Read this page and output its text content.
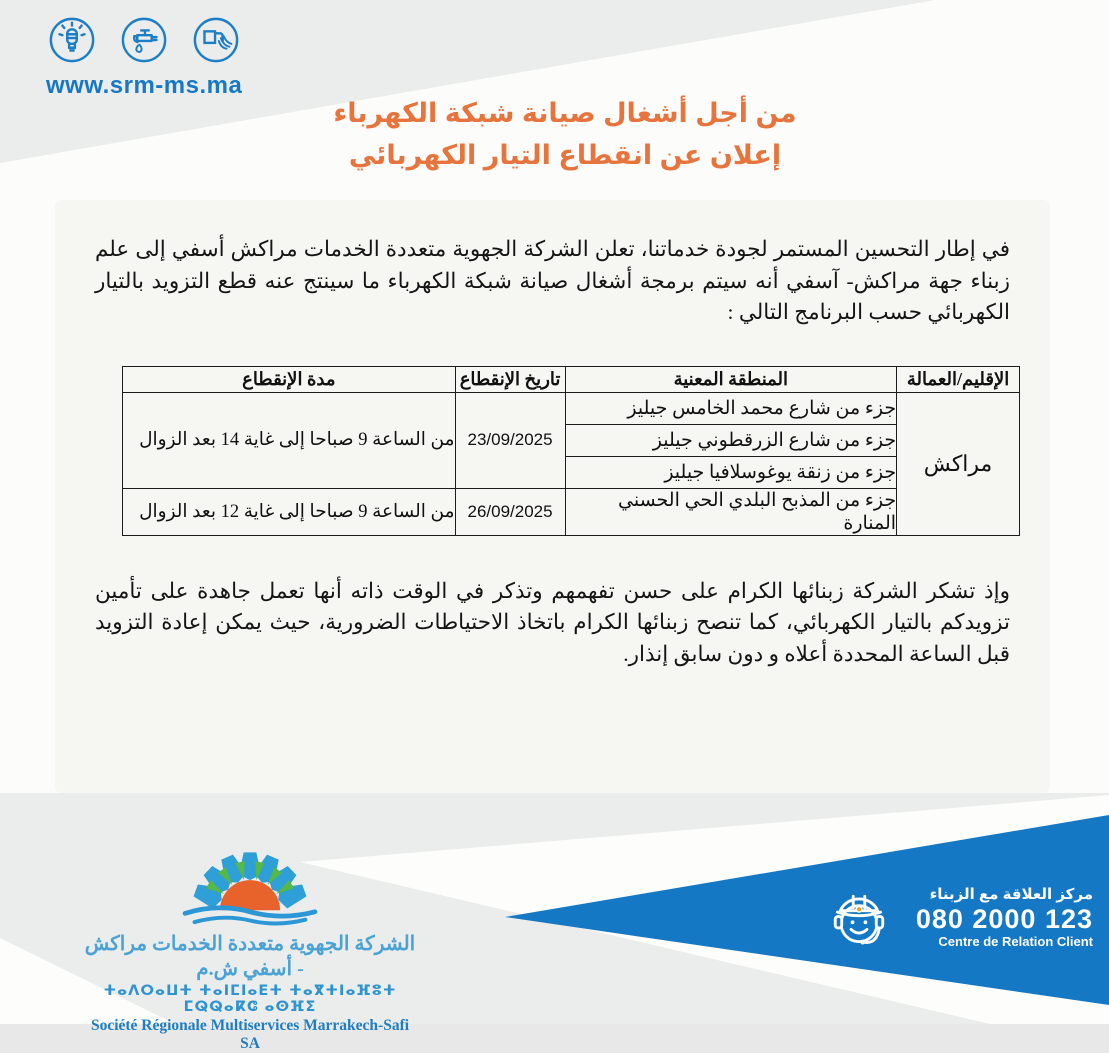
www.srm-ms.ma
من أجل أشغال صيانة شبكة الكهرباء
إعلان عن انقطاع التيار الكهربائي
في إطار التحسين المستمر لجودة خدماتنا، تعلن الشركة الجهوية متعددة الخدمات مراكش أسفي إلى علم زبناء جهة مراكش- آسفي أنه سيتم برمجة أشغال صيانة شبكة الكهرباء ما سينتج عنه قطع التزويد بالتيار الكهربائي حسب البرنامج التالي :
الإقليم/العمالة	المنطقة المعنية	تاريخ الإنقطاع	مدة الإنقطاع
مراكش	جزء من شارع محمد الخامس جيليز	23/09/2025	من الساعة 9 صباحا إلى غاية 14 بعد الزوال
	جزء من شارع الزرقطوني جيليز		
	جزء من زنقة يوغوسلافيا جيليز		
	جزء من المذبح البلدي الحي الحسني المنارة	26/09/2025	من الساعة 9 صباحا إلى غاية 12 بعد الزوال
وإذ تشكر الشركة زبنائها الكرام على حسن تفهمهم وتذكر في الوقت ذاته أنها تعمل جاهدة على تأمين تزويدكم بالتيار الكهربائي، كما تنصح زبنائها الكرام باتخاذ الاحتياطات الضرورية، حيث يمكن إعادة التزويد قبل الساعة المحددة أعلاه و دون سابق إنذار.
الشركة الجهوية متعددة الخدمات مراكش - أسفي ش.م
ⵜⴰⴷⵔⴰⵡⵜ ⵜⴰⵏⵎⵏⴰⴹⵜ ⵜⴰⴳⵜⵏⴰⴼⵓⵜ ⵎⵕⵕⴰⴽⵛ ⴰⵙⴼⵉ
Société Régionale Multiservices Marrakech-Safi SA
مركز العلاقة مع الزبناء
080 2000 123
Centre de Relation Client
